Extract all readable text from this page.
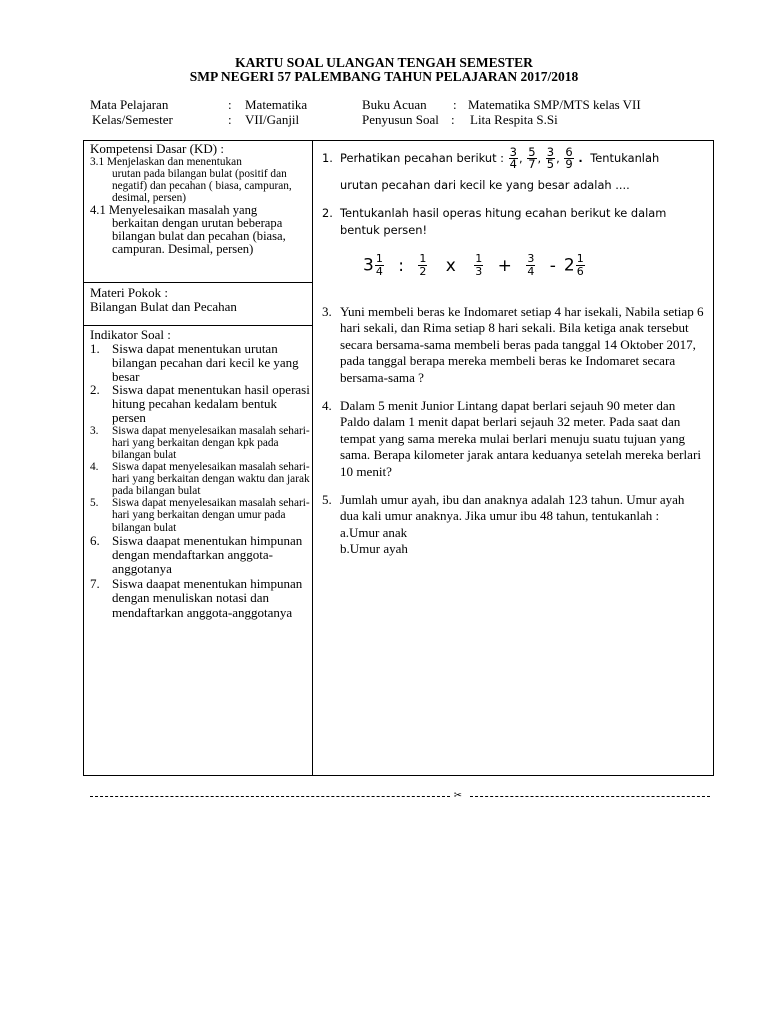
KARTU SOAL ULANGAN TENGAH SEMESTER
SMP NEGERI 57 PALEMBANG TAHUN PELAJARAN 2017/2018
Mata Pelajaran	: Matematika
Kelas/Semester	: VII/Ganjil
Buku Acuan : Matematika SMP/MTS kelas VII
Penyusun Soal : Lita Respita S.Si
Kompetensi Dasar (KD) :
3.1 Menjelaskan dan menentukan
urutan pada bilangan bulat (positif dan negatif) dan pecahan ( biasa, campuran, desimal, persen)
4.1 Menyelesaikan masalah yang
berkaitan dengan urutan beberapa bilangan bulat dan pecahan (biasa, campuran. Desimal, persen)
Materi Pokok :
Bilangan Bulat dan Pecahan
Indikator Soal :
1. Siswa dapat menentukan urutan bilangan pecahan dari kecil ke yang besar
2. Siswa dapat menentukan hasil operasi hitung pecahan kedalam bentuk persen
3. Siswa dapat menyelesaikan masalah sehari-hari yang berkaitan dengan kpk pada bilangan bulat
4. Siswa dapat menyelesaikan masalah sehari-hari yang berkaitan dengan waktu dan jarak pada bilangan bulat
5. Siswa dapat menyelesaikan masalah sehari-hari yang berkaitan dengan umur pada bilangan bulat
6. Siswa daapat menentukan himpunan dengan mendaftarkan anggota-anggotanya
7. Siswa daapat menentukan himpunan dengan menuliskan notasi dan mendaftarkan anggota-anggotanya
1. Perhatikan pecahan berikut : $\frac{3}{4}$ , $\frac{5}{7}$ , $\frac{3}{5}$ , $\frac{6}{9}$ . Tentukanlah
urutan pecahan dari kecil ke yang besar adalah ....
2. Tentukanlah hasil operas hitung ecahan berikut ke dalam bentuk persen!
$3 \frac{1}{4}$ : $\frac{1}{2}$ x $\frac{1}{3} + \frac{3}{4} - 2 \frac{1}{6}$
3. Yuni membeli beras ke Indomaret setiap 4 har isekali, Nabila setiap 6 hari sekali, dan Rima setiap 8 hari sekali. Bila ketiga anak tersebut secara bersama-sama membeli beras pada tanggal 14 Oktober 2017, pada tanggal berapa mereka membeli beras ke Indomaret secara bersama-sama ?
4. Dalam 5 menit Junior Lintang dapat berlari sejauh 90 meter dan Paldo dalam 1 menit dapat berlari sejauh 32 meter. Pada saat dan tempat yang sama mereka mulai berlari menuju suatu tujuan yang sama. Berapa kilometer jarak antara keduanya setelah mereka berlari 10 menit?
5. Jumlah umur ayah, ibu dan anaknya adalah 123 tahun. Umur ayah dua kali umur anaknya. Jika umur ibu 48 tahun, tentukanlah :
a.Umur anak
b.Umur ayah
✂
